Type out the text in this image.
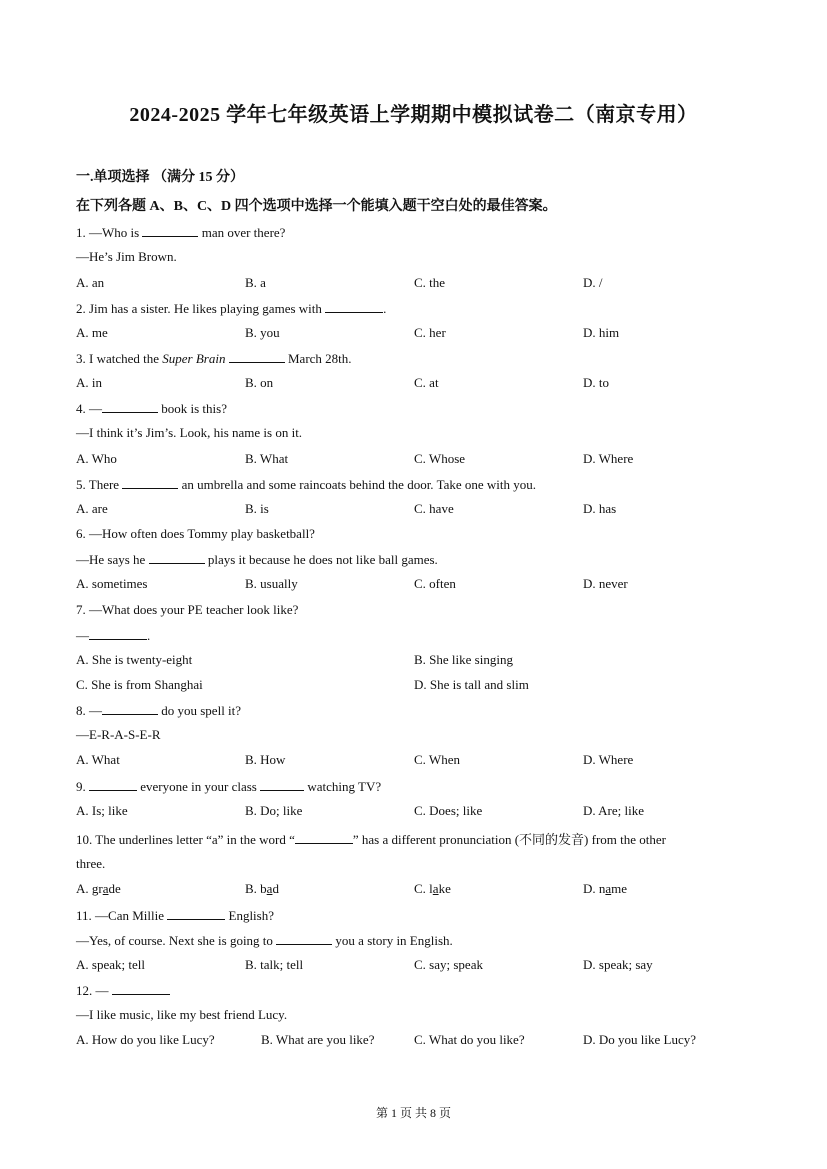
2024-2025 学年七年级英语上学期期中模拟试卷二（南京专用）
一.单项选择 （满分 15 分）
在下列各题 A、B、C、D 四个选项中选择一个能填入题干空白处的最佳答案。
1. —Who is	man over there?
—He’s Jim Brown.
A. an	B. a	C. the	D. /
2. Jim has a sister. He likes playing games with	.
A. me	B. you	C. her	D. him
3. I watched the Super Brain	March 28th.
A. in	B. on	C. at	D. to
4. —	book is this?
—I think it’s Jim’s. Look, his name is on it.
A. Who	B. What	C. Whose	D. Where
5. There	an umbrella and some raincoats behind the door. Take one with you.
A. are	B. is	C. have	D. has
6. —How often does Tommy play basketball?
—He says he	plays it because he does not like ball games.
A. sometimes	B. usually	C. often	D. never
7. —What does your PE teacher look like?
—	.
A. She is twenty-eight	B. She like singing
C. She is from Shanghai	D. She is tall and slim
8. —	do you spell it?
—E-R-A-S-E-R
A. What	B. How	C. When	D. Where
9.	everyone in your class	watching TV?
A. Is; like	B. Do; like	C. Does; like	D. Are; like
10. The underlines letter “a” in the word “	” has a different pronunciation (不同的发音) from the other
three.
A. grade	B. bad	C. lake	D. name
11. —Can Millie	English?
—Yes, of course. Next she is going to	you a story in English.
A. speak; tell	B. talk; tell	C. say; speak	D. speak; say
12. —
—I like music, like my best friend Lucy.
A. How do you like Lucy?	B. What are you like?	C. What do you like?	D. Do you like Lucy?
第 1 页 共 8 页
